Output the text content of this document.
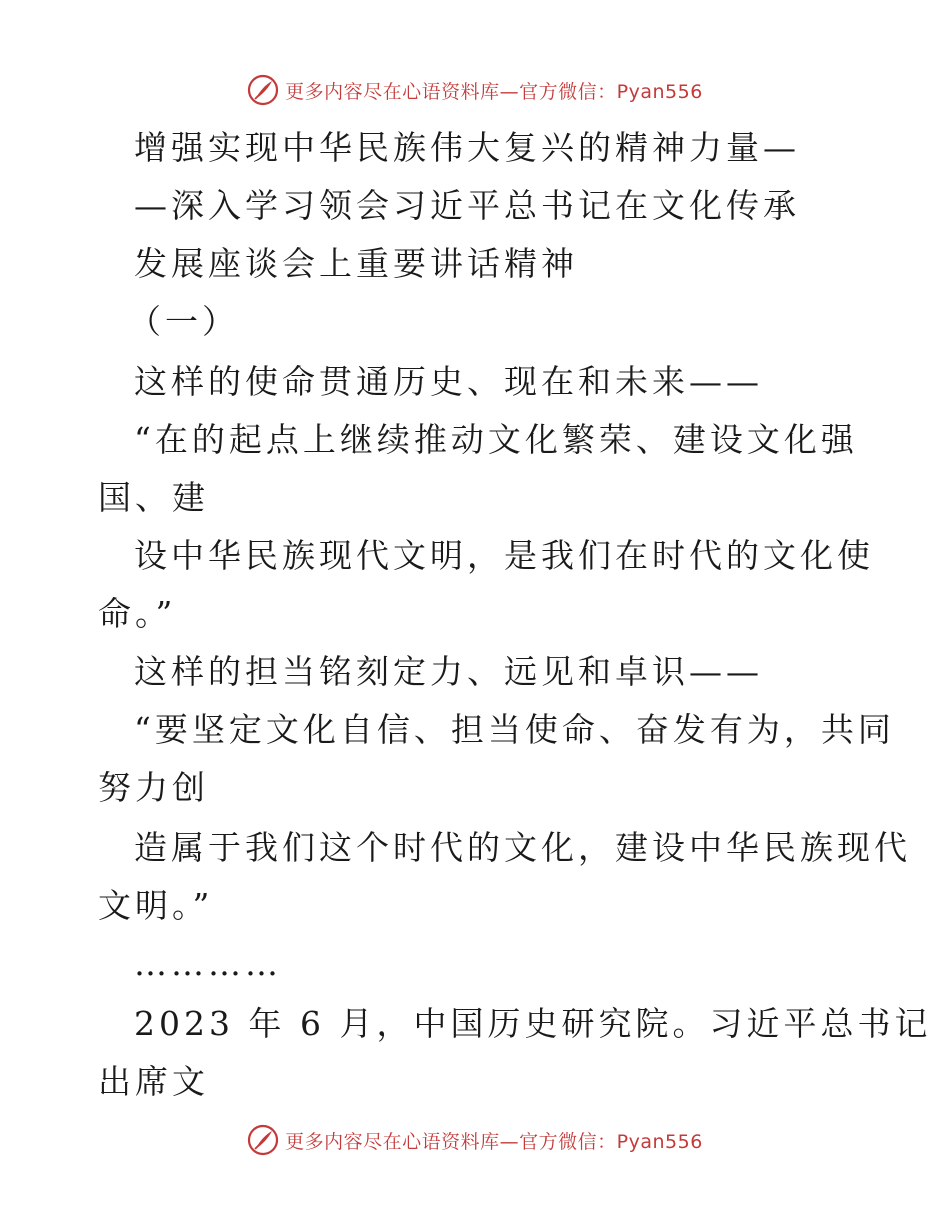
更多内容尽在心语资料库—官方微信：Pyan556
增强实现中华民族伟大复兴的精神力量—
—深入学习领会习近平总书记在文化传承
发展座谈会上重要讲话精神
（一）
这样的使命贯通历史、现在和未来——
“在的起点上继续推动文化繁荣、建设文化强
国、建
设中华民族现代文明，是我们在时代的文化使
命。”
这样的担当铭刻定力、远见和卓识——
“要坚定文化自信、担当使命、奋发有为，共同
努力创
造属于我们这个时代的文化，建设中华民族现代
文明。”
…………
2023 年 6 月，中国历史研究院。习近平总书记
出席文
更多内容尽在心语资料库—官方微信：Pyan556
